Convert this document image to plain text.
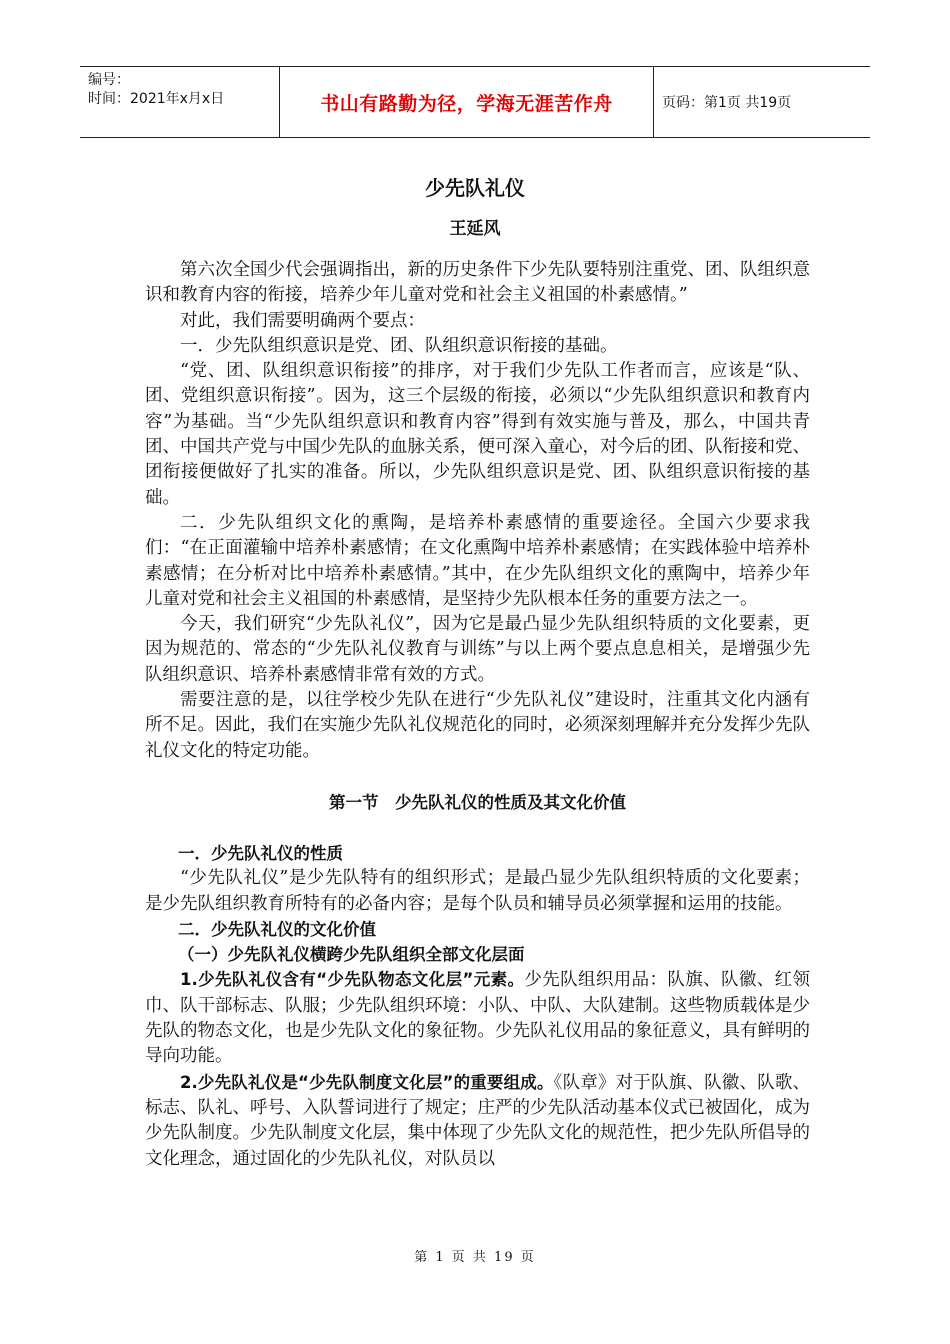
编号：
时间：2021年x月x日	书山有路勤为径，学海无涯苦作舟	页码：第1页 共19页
少先队礼仪
王延风

第六次全国少代会强调指出，新的历史条件下少先队要特别注重党、团、队组织意识和教育内容的衔接，培养少年儿童对党和社会主义祖国的朴素感情。”

对此，我们需要明确两个要点：

一．少先队组织意识是党、团、队组织意识衔接的基础。

“党、团、队组织意识衔接”的排序，对于我们少先队工作者而言，应该是“队、团、党组织意识衔接”。因为，这三个层级的衔接，必须以“少先队组织意识和教育内容”为基础。当“少先队组织意识和教育内容”得到有效实施与普及，那么，中国共青团、中国共产党与中国少先队的血脉关系，便可深入童心，对今后的团、队衔接和党、团衔接便做好了扎实的准备。所以，少先队组织意识是党、团、队组织意识衔接的基础。

二．少先队组织文化的熏陶，是培养朴素感情的重要途径。全国六少要求我们：“在正面灌输中培养朴素感情；在文化熏陶中培养朴素感情；在实践体验中培养朴素感情；在分析对比中培养朴素感情。”其中，在少先队组织文化的熏陶中，培养少年儿童对党和社会主义祖国的朴素感情，是坚持少先队根本任务的重要方法之一。

今天，我们研究“少先队礼仪”，因为它是最凸显少先队组织特质的文化要素，更因为规范的、常态的“少先队礼仪教育与训练”与以上两个要点息息相关，是增强少先队组织意识、培养朴素感情非常有效的方式。

需要注意的是，以往学校少先队在进行“少先队礼仪”建设时，注重其文化内涵有所不足。因此，我们在实施少先队礼仪规范化的同时，必须深刻理解并充分发挥少先队礼仪文化的特定功能。

第一节　少先队礼仪的性质及其文化价值

一．少先队礼仪的性质

“少先队礼仪”是少先队特有的组织形式；是最凸显少先队组织特质的文化要素；是少先队组织教育所特有的必备内容；是每个队员和辅导员必须掌握和运用的技能。

二．少先队礼仪的文化价值

（一）少先队礼仪横跨少先队组织全部文化层面

1.少先队礼仪含有“少先队物态文化层”元素。少先队组织用品：队旗、队徽、红领巾、队干部标志、队服；少先队组织环境：小队、中队、大队建制。这些物质载体是少先队的物态文化，也是少先队文化的象征物。少先队礼仪用品的象征意义，具有鲜明的导向功能。

2.少先队礼仪是“少先队制度文化层”的重要组成。《队章》对于队旗、队徽、队歌、标志、队礼、呼号、入队誓词进行了规定；庄严的少先队活动基本仪式已被固化，成为少先队制度。少先队制度文化层，集中体现了少先队文化的规范性，把少先队所倡导的文化理念，通过固化的少先队礼仪，对队员以

第 1 页 共 19 页
